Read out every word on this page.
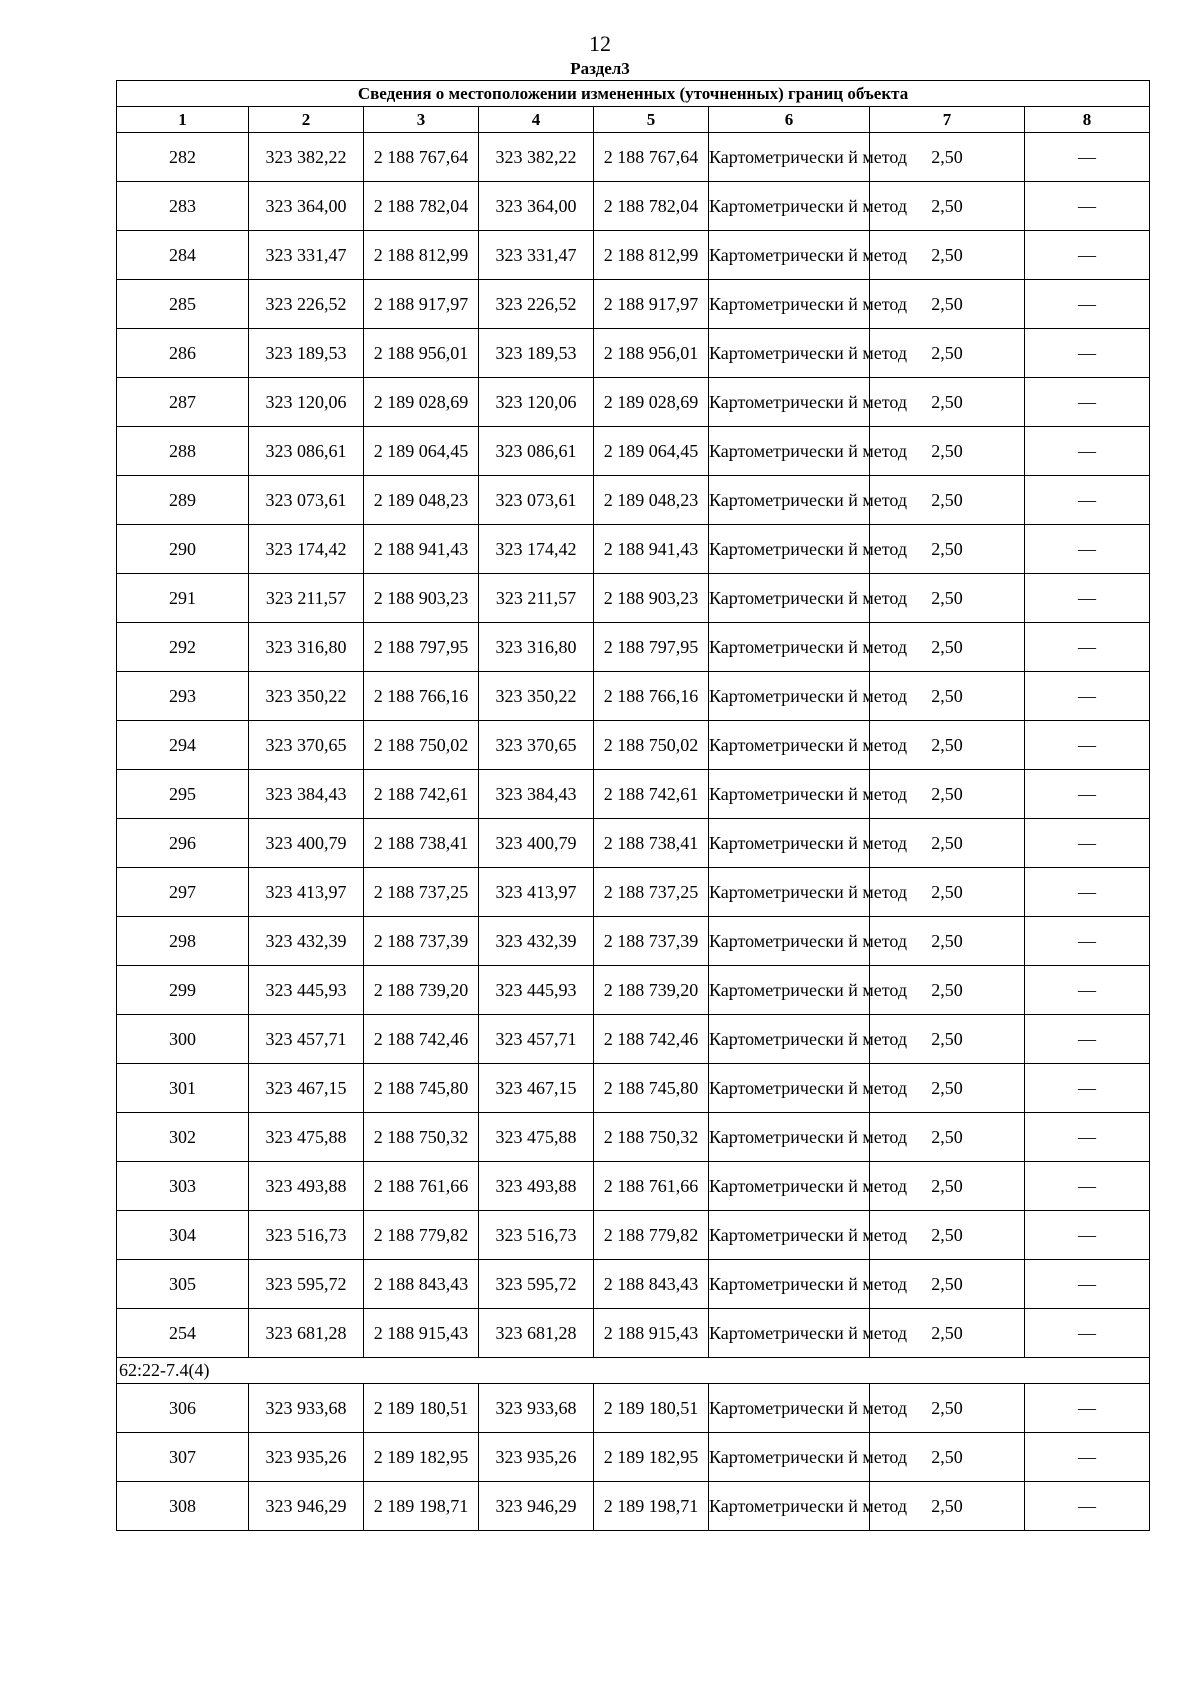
12
Раздел3
Сведения о местоположении измененных (уточненных) границ объекта							
1	2	3	4	5	6	7	8
282	323 382,22	2 188 767,64	323 382,22	2 188 767,64	Картометрически й метод	2,50	—
283	323 364,00	2 188 782,04	323 364,00	2 188 782,04	Картометрически й метод	2,50	—
284	323 331,47	2 188 812,99	323 331,47	2 188 812,99	Картометрически й метод	2,50	—
285	323 226,52	2 188 917,97	323 226,52	2 188 917,97	Картометрически й метод	2,50	—
286	323 189,53	2 188 956,01	323 189,53	2 188 956,01	Картометрически й метод	2,50	—
287	323 120,06	2 189 028,69	323 120,06	2 189 028,69	Картометрически й метод	2,50	—
288	323 086,61	2 189 064,45	323 086,61	2 189 064,45	Картометрически й метод	2,50	—
289	323 073,61	2 189 048,23	323 073,61	2 189 048,23	Картометрически й метод	2,50	—
290	323 174,42	2 188 941,43	323 174,42	2 188 941,43	Картометрически й метод	2,50	—
291	323 211,57	2 188 903,23	323 211,57	2 188 903,23	Картометрически й метод	2,50	—
292	323 316,80	2 188 797,95	323 316,80	2 188 797,95	Картометрически й метод	2,50	—
293	323 350,22	2 188 766,16	323 350,22	2 188 766,16	Картометрически й метод	2,50	—
294	323 370,65	2 188 750,02	323 370,65	2 188 750,02	Картометрически й метод	2,50	—
295	323 384,43	2 188 742,61	323 384,43	2 188 742,61	Картометрически й метод	2,50	—
296	323 400,79	2 188 738,41	323 400,79	2 188 738,41	Картометрически й метод	2,50	—
297	323 413,97	2 188 737,25	323 413,97	2 188 737,25	Картометрически й метод	2,50	—
298	323 432,39	2 188 737,39	323 432,39	2 188 737,39	Картометрически й метод	2,50	—
299	323 445,93	2 188 739,20	323 445,93	2 188 739,20	Картометрически й метод	2,50	—
300	323 457,71	2 188 742,46	323 457,71	2 188 742,46	Картометрически й метод	2,50	—
301	323 467,15	2 188 745,80	323 467,15	2 188 745,80	Картометрически й метод	2,50	—
302	323 475,88	2 188 750,32	323 475,88	2 188 750,32	Картометрически й метод	2,50	—
303	323 493,88	2 188 761,66	323 493,88	2 188 761,66	Картометрически й метод	2,50	—
304	323 516,73	2 188 779,82	323 516,73	2 188 779,82	Картометрически й метод	2,50	—
305	323 595,72	2 188 843,43	323 595,72	2 188 843,43	Картометрически й метод	2,50	—
254	323 681,28	2 188 915,43	323 681,28	2 188 915,43	Картометрически й метод	2,50	—
62:22-7.4(4)							
306	323 933,68	2 189 180,51	323 933,68	2 189 180,51	Картометрически й метод	2,50	—
307	323 935,26	2 189 182,95	323 935,26	2 189 182,95	Картометрически й метод	2,50	—
308	323 946,29	2 189 198,71	323 946,29	2 189 198,71	Картометрически й метод	2,50	—
